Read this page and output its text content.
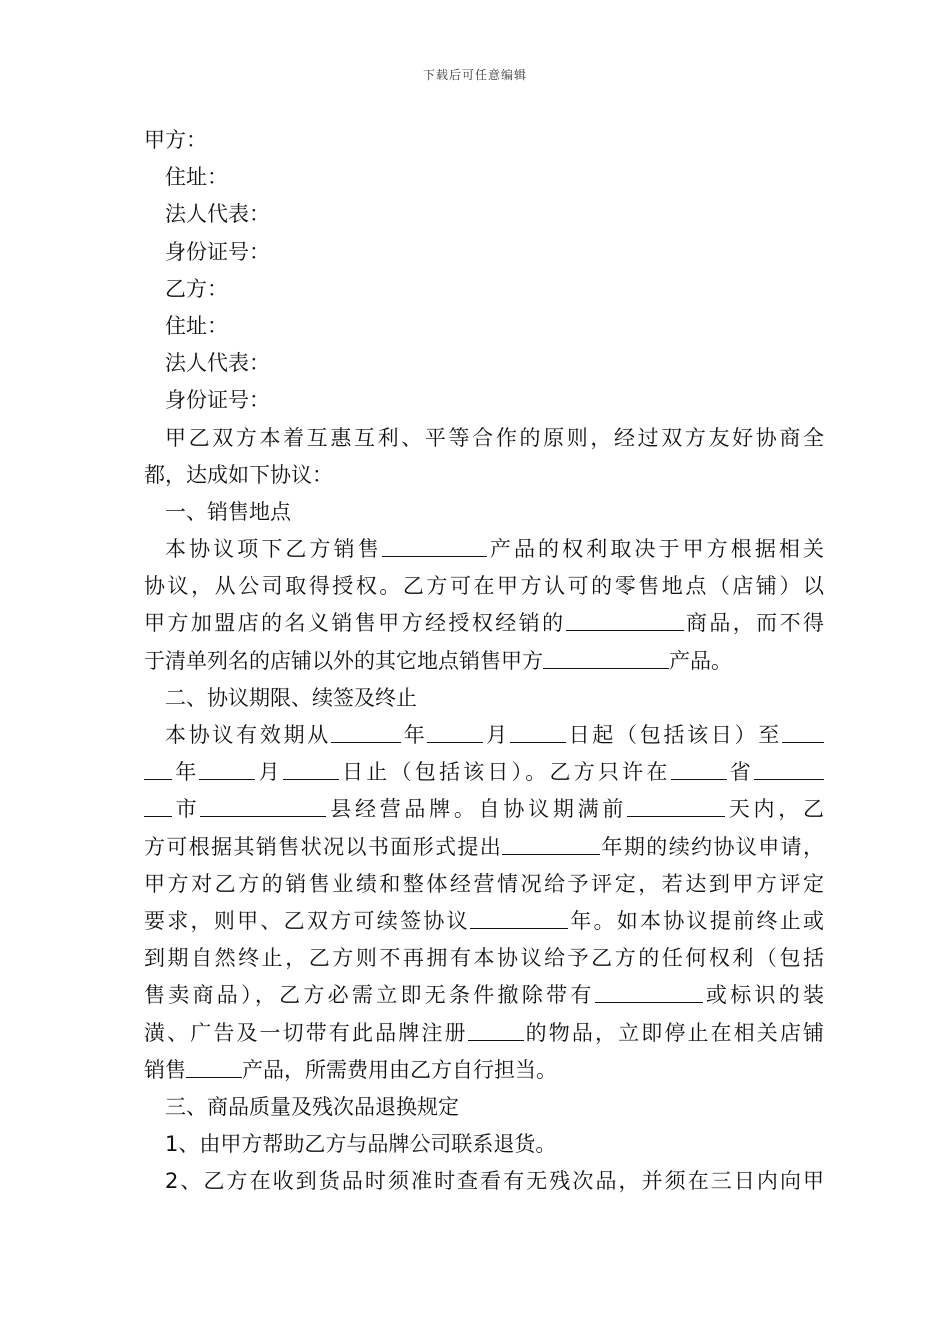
下载后可任意编辑
甲方：
住址：
法人代表：
身份证号：
乙方：
住址：
法人代表：
身份证号：
甲乙双方本着互惠互利、平等合作的原则，经过双方友好协商全
都，达成如下协议：
一、销售地点
本协议项下乙方销售	产品的权利取决于甲方根据相关
协议，从公司取得授权。乙方可在甲方认可的零售地点（店铺）以
甲方加盟店的名义销售甲方经授权经销的	商品，而不得
于清单列名的店铺以外的其它地点销售甲方	产品。
二、协议期限、续签及终止
本协议有效期从	年	月	日起（包括该日）至
年	月	日止（包括该日）。乙方只许在	省
市	县经营品牌。自协议期满前	天内，乙
方可根据其销售状况以书面形式提出	年期的续约协议申请，
甲方对乙方的销售业绩和整体经营情况给予评定，若达到甲方评定
要求，则甲、乙双方可续签协议	年。如本协议提前终止或
到期自然终止，乙方则不再拥有本协议给予乙方的任何权利（包括
售卖商品），乙方必需立即无条件撤除带有	或标识的装
潢、广告及一切带有此品牌注册	的物品，立即停止在相关店铺
销售	产品，所需费用由乙方自行担当。
三、商品质量及残次品退换规定
1、由甲方帮助乙方与品牌公司联系退货。
2、乙方在收到货品时须准时查看有无残次品，并须在三日内向甲
